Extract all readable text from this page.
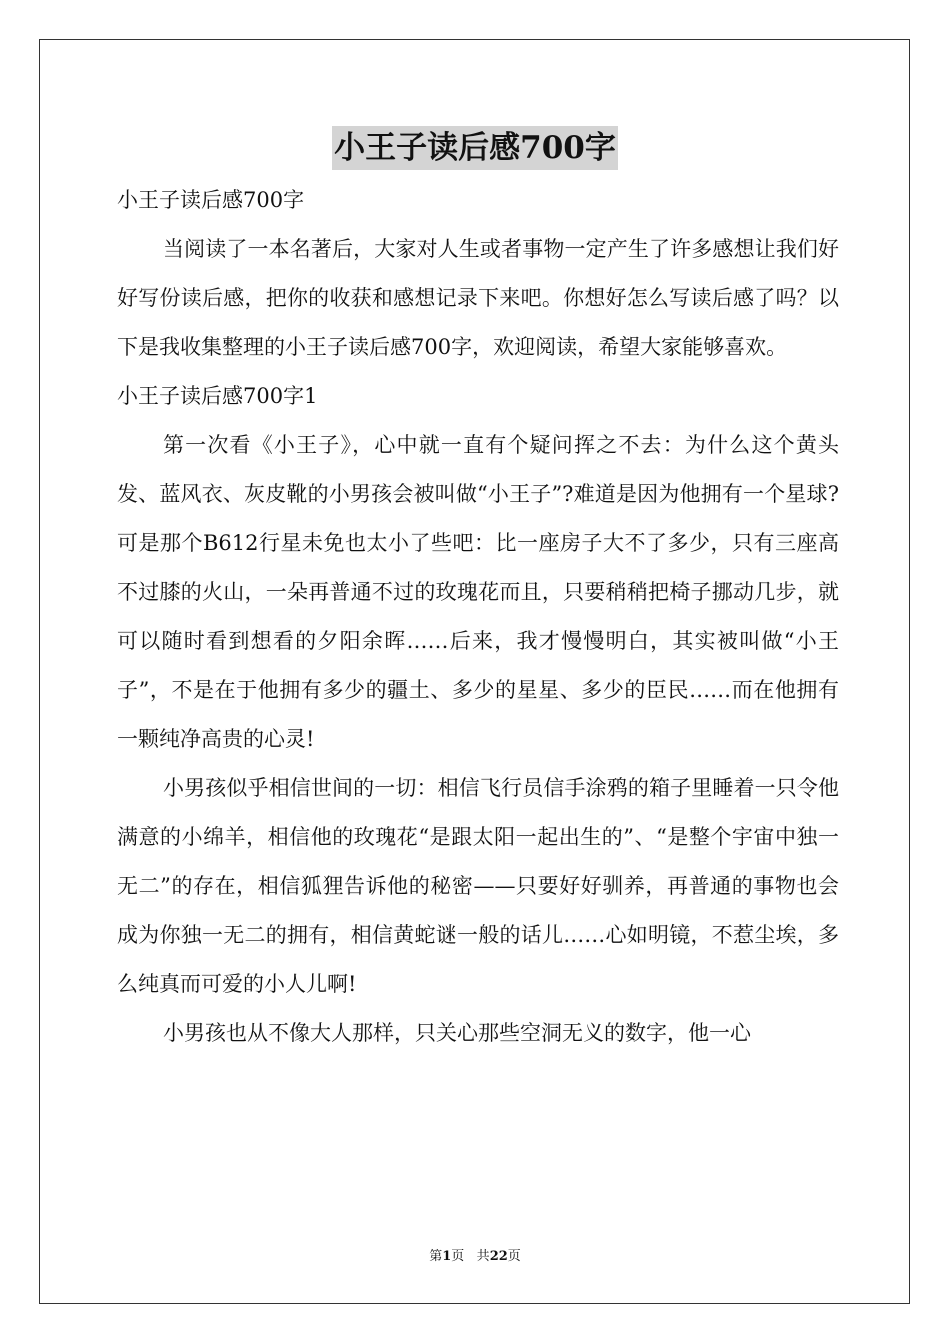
小王子读后感700字

小王子读后感700字

当阅读了一本名著后，大家对人生或者事物一定产生了许多感想让我们好好写份读后感，把你的收获和感想记录下来吧。你想好怎么写读后感了吗？以下是我收集整理的小王子读后感700字，欢迎阅读，希望大家能够喜欢。

小王子读后感700字1

第一次看《小王子》，心中就一直有个疑问挥之不去：为什么这个黄头发、蓝风衣、灰皮靴的小男孩会被叫做“小王子”?难道是因为他拥有一个星球?可是那个B612行星未免也太小了些吧：比一座房子大不了多少，只有三座高不过膝的火山，一朵再普通不过的玫瑰花而且，只要稍稍把椅子挪动几步，就可以随时看到想看的夕阳余晖……后来，我才慢慢明白，其实被叫做“小王子”，不是在于他拥有多少的疆土、多少的星星、多少的臣民……而在他拥有一颗纯净高贵的心灵!

小男孩似乎相信世间的一切：相信飞行员信手涂鸦的箱子里睡着一只令他满意的小绵羊，相信他的玫瑰花“是跟太阳一起出生的”、“是整个宇宙中独一无二”的存在，相信狐狸告诉他的秘密——只要好好驯养，再普通的事物也会成为你独一无二的拥有，相信黄蛇谜一般的话儿……心如明镜，不惹尘埃，多么纯真而可爱的小人儿啊!

小男孩也从不像大人那样，只关心那些空洞无义的数字，他一心

第1页 共22页
